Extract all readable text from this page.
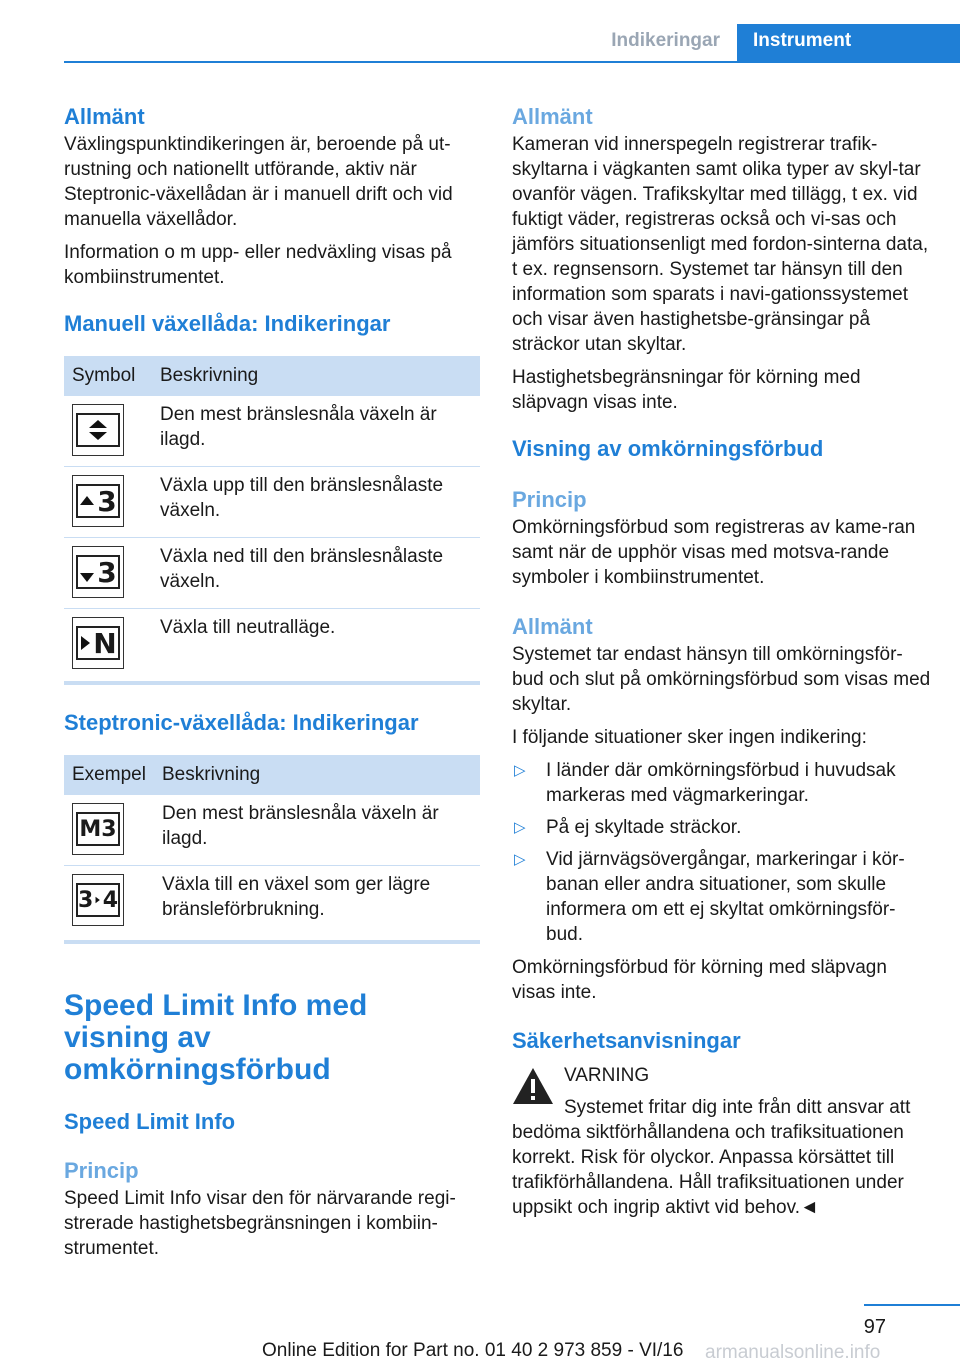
Indikeringar	Instrument
Allmänt

Växlingspunktindikeringen är, beroende på ut-rustning och nationellt utförande, aktiv när Steptronic-växellådan är i manuell drift och vid manuella växellådor.

Information o m upp- eller nedväxling visas på kombiinstrumentet.

Manuell växellåda: Indikeringar
Symbol	Beskrivning

	Den mest bränslesnåla växeln är ilagd.

3	Växla upp till den bränslesnålaste växeln.

3	Växla ned till den bränslesnålaste växeln.

N	Växla till neutralläge.
Steptronic-växellåda: Indikeringar
Exempel	Beskrivning

M3	Den mest bränslesnåla växeln är ilagd.

3 4	Växla till en växel som ger lägre bränsleförbrukning.
Speed Limit Info med visning av omkörningsförbud
Speed Limit Info
Princip

Speed Limit Info visar den för närvarande regi-strerade hastighetsbegränsningen i kombiin-strumentet.

Allmänt

Kameran vid innerspegeln registrerar trafik-skyltarna i vägkanten samt olika typer av skyl-tar ovanför vägen. Trafikskyltar med tillägg, t ex. vid fuktigt väder, registreras också och vi-sas och jämförs situationsenligt med fordon-sinterna data, t ex. regnsensorn. Systemet tar hänsyn till den information som sparats i navi-gationssystemet och visar även hastighetsbe-gränsingar på sträckor utan skyltar.

Hastighetsbegränsningar för körning med släpvagn visas inte.

Visning av omkörningsförbud
Princip

Omkörningsförbud som registreras av kame-ran samt när de upphör visas med motsva-rande symboler i kombiinstrumentet.

Allmänt

Systemet tar endast hänsyn till omkörningsför-bud och slut på omkörningsförbud som visas med skyltar.

I följande situationer sker ingen indikering:

▷ I länder där omkörningsförbud i huvudsak markeras med vägmarkeringar.
▷ På ej skyltade sträckor.
▷ Vid järnvägsövergångar, markeringar i kör-banan eller andra situationer, som skulle informera om ett ej skyltat omkörningsför-bud.

Omkörningsförbud för körning med släpvagn visas inte.

Säkerhetsanvisningar

VARNING

Systemet fritar dig inte från ditt ansvar att bedöma siktförhållandena och trafiksituationen korrekt. Risk för olyckor. Anpassa körsättet till trafikförhållandena. Håll trafiksituationen under uppsikt och ingrip aktivt vid behov.◄

97
Online Edition for Part no. 01 40 2 973 859 - VI/16 armanualsonline.info
